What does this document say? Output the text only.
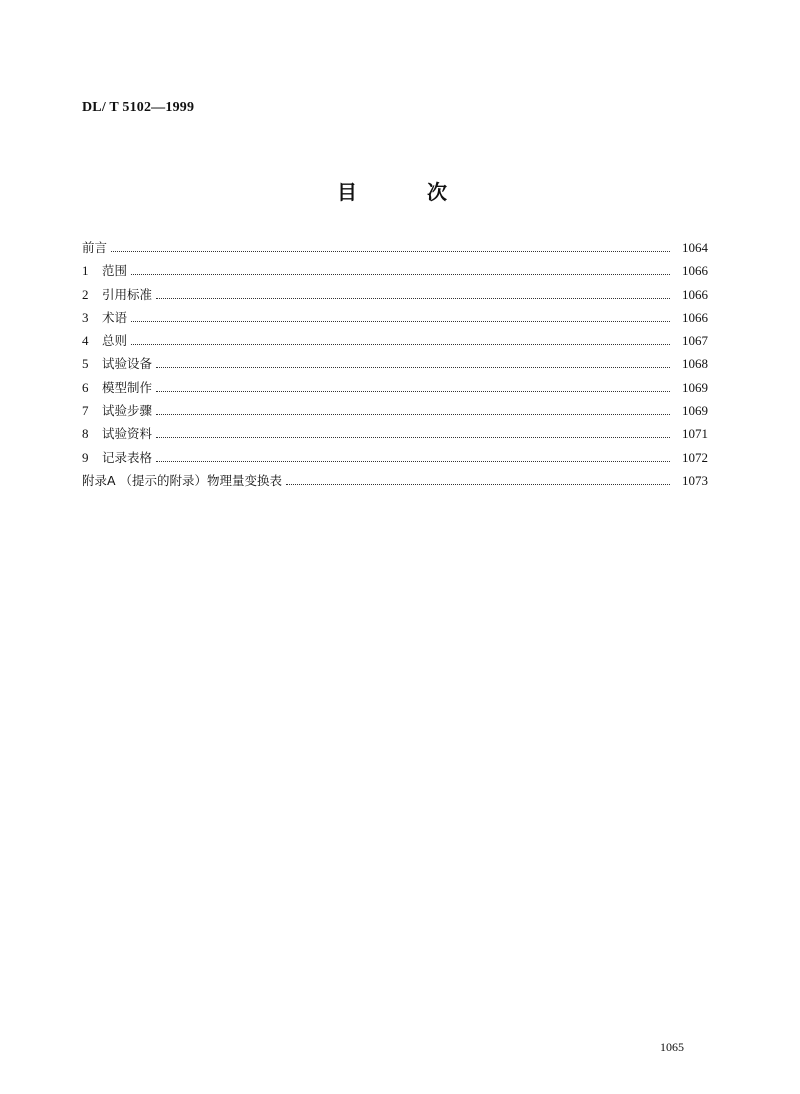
DL/ T 5102—1999
目	次
前言	1064
1	范围	1066
2	引用标准	1066
3	术语	1066
4	总则	1067
5	试验设备	1068
6	模型制作	1069
7	试验步骤	1069
8	试验资料	1071
9	记录表格	1072
附录A （提示的附录）物理量变换表	1073
1065
